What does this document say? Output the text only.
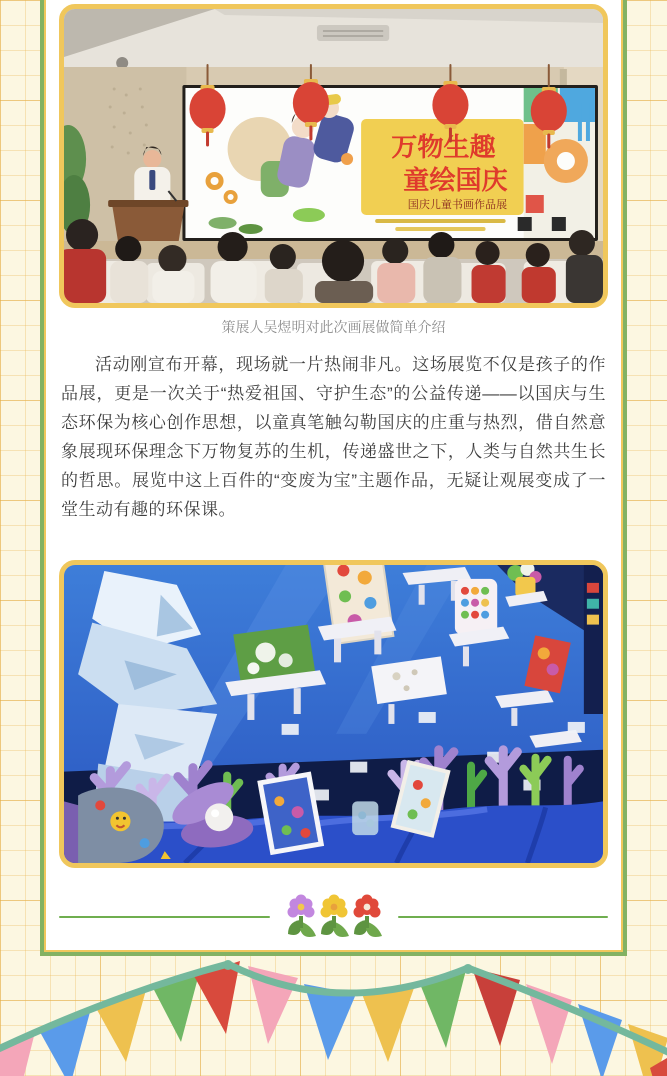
万物生趣
童绘国庆
国庆儿童书画作品展
策展人吴煜明对此次画展做简单介绍

活动刚宣布开幕，现场就一片热闹非凡。这场展览不仅是孩子的作品展，更是一次关于“热爱祖国、守护生态”的公益传递——以国庆与生态环保为核心创作思想，以童真笔触勾勒国庆的庄重与热烈，借自然意象展现环保理念下万物复苏的生机，传递盛世之下，人类与自然共生长的哲思。展览中这上百件的“变废为宝”主题作品，无疑让观展变成了一堂生动有趣的环保课。
